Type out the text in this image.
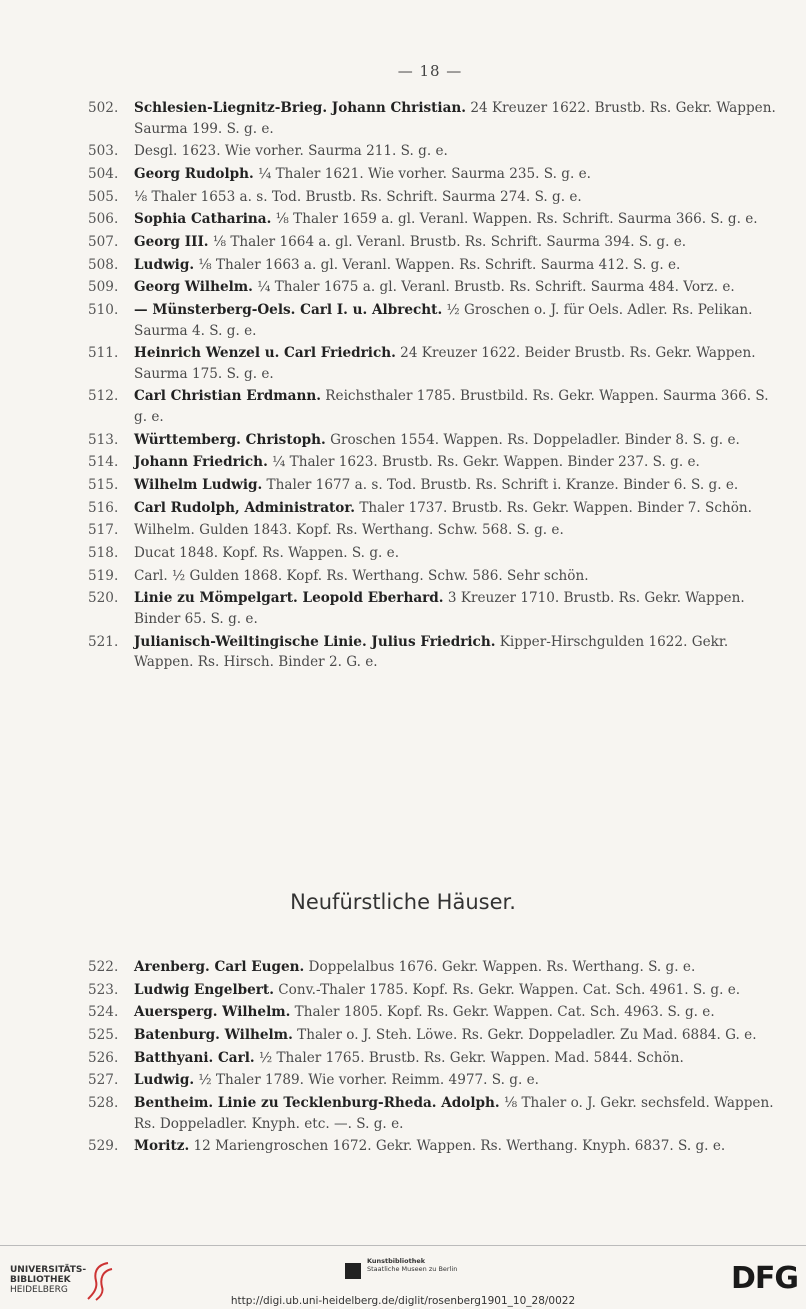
— 18 —
502. Schlesien-Liegnitz-Brieg. Johann Christian. 24 Kreuzer 1622. Brustb. Rs. Gekr. Wappen. Saurma 199. S. g. e.
503. Desgl. 1623. Wie vorher. Saurma 211. S. g. e.
504. Georg Rudolph. ¼ Thaler 1621. Wie vorher. Saurma 235. S. g. e.
505. ⅛ Thaler 1653 a. s. Tod. Brustb. Rs. Schrift. Saurma 274. S. g. e.
506. Sophia Catharina. ⅛ Thaler 1659 a. gl. Veranl. Wappen. Rs. Schrift. Saurma 366. S. g. e.
507. Georg III. ⅛ Thaler 1664 a. gl. Veranl. Brustb. Rs. Schrift. Saurma 394. S. g. e.
508. Ludwig. ⅛ Thaler 1663 a. gl. Veranl. Wappen. Rs. Schrift. Saurma 412. S. g. e.
509. Georg Wilhelm. ¼ Thaler 1675 a. gl. Veranl. Brustb. Rs. Schrift. Saurma 484. Vorz. e.
510. — Münsterberg-Oels. Carl I. u. Albrecht. ½ Groschen o. J. für Oels. Adler. Rs. Pelikan. Saurma 4. S. g. e.
511. Heinrich Wenzel u. Carl Friedrich. 24 Kreuzer 1622. Beider Brustb. Rs. Gekr. Wappen. Saurma 175. S. g. e.
512. Carl Christian Erdmann. Reichsthaler 1785. Brustbild. Rs. Gekr. Wappen. Saurma 366. S. g. e.
513. Württemberg. Christoph. Groschen 1554. Wappen. Rs. Doppeladler. Binder 8. S. g. e.
514. Johann Friedrich. ¼ Thaler 1623. Brustb. Rs. Gekr. Wappen. Binder 237. S. g. e.
515. Wilhelm Ludwig. Thaler 1677 a. s. Tod. Brustb. Rs. Schrift i. Kranze. Binder 6. S. g. e.
516. Carl Rudolph, Administrator. Thaler 1737. Brustb. Rs. Gekr. Wappen. Binder 7. Schön.
517. Wilhelm. Gulden 1843. Kopf. Rs. Werthang. Schw. 568. S. g. e.
518. Ducat 1848. Kopf. Rs. Wappen. S. g. e.
519. Carl. ½ Gulden 1868. Kopf. Rs. Werthang. Schw. 586. Sehr schön.
520. Linie zu Mömpelgart. Leopold Eberhard. 3 Kreuzer 1710. Brustb. Rs. Gekr. Wappen. Binder 65. S. g. e.
521. Julianisch-Weiltingische Linie. Julius Friedrich. Kipper-Hirschgulden 1622. Gekr. Wappen. Rs. Hirsch. Binder 2. G. e.
Neufürstliche Häuser.
522. Arenberg. Carl Eugen. Doppelalbus 1676. Gekr. Wappen. Rs. Werthang. S. g. e.
523. Ludwig Engelbert. Conv.-Thaler 1785. Kopf. Rs. Gekr. Wappen. Cat. Sch. 4961. S. g. e.
524. Auersperg. Wilhelm. Thaler 1805. Kopf. Rs. Gekr. Wappen. Cat. Sch. 4963. S. g. e.
525. Batenburg. Wilhelm. Thaler o. J. Steh. Löwe. Rs. Gekr. Doppeladler. Zu Mad. 6884. G. e.
526. Batthyani. Carl. ½ Thaler 1765. Brustb. Rs. Gekr. Wappen. Mad. 5844. Schön.
527. Ludwig. ½ Thaler 1789. Wie vorher. Reimm. 4977. S. g. e.
528. Bentheim. Linie zu Tecklenburg-Rheda. Adolph. ⅛ Thaler o. J. Gekr. sechsfeld. Wappen. Rs. Doppeladler. Knyph. etc. —. S. g. e.
529. Moritz. 12 Mariengroschen 1672. Gekr. Wappen. Rs. Werthang. Knyph. 6837. S. g. e.
UNIVERSITÄTS-
BIBLIOTHEK
HEIDELBERG
Kunstbibliothek
Staatliche Museen zu Berlin	DFG
http://digi.ub.uni-heidelberg.de/diglit/rosenberg1901_10_28/0022
